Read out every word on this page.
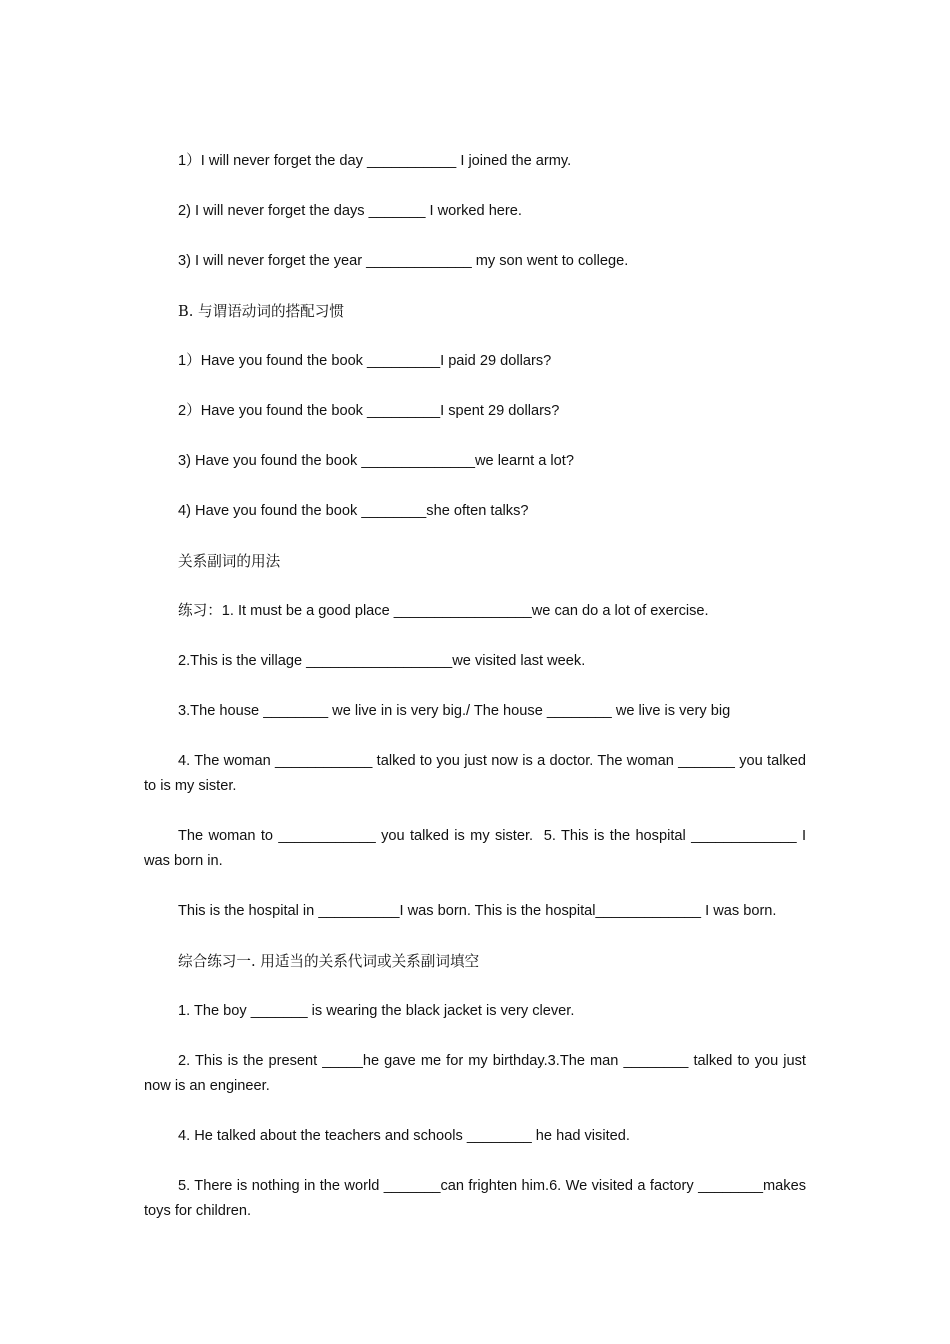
1）I will never forget the day ___________ I joined the army.

2) I will never forget the days _______ I worked here.

3) I will never forget the year _____________ my son went to college.

B. 与谓语动词的搭配习惯

1）Have you found the book _________I paid 29 dollars?

2）Have you found the book _________I spent 29 dollars?

3) Have you found the book ______________we learnt a lot?

4) Have you found the book ________she often talks?

关系副词的用法

练习：1. It must be a good place _________________we can do a lot of exercise.

2.This is the village __________________we visited last week.

3.The house ________ we live in is very big./ The house ________ we live is very big

4. The woman ____________ talked to you just now is a doctor. The woman _______ you talked to is my sister.

The woman to ____________ you talked is my sister.  5. This is the hospital _____________ I was born in.

This is the hospital in __________I was born. This is the hospital_____________ I was born.

综合练习一. 用适当的关系代词或关系副词填空

1. The boy _______ is wearing the black jacket is very clever.

2. This is the present _____he gave me for my birthday.3.The man ________ talked to you just now is an engineer.

4. He talked about the teachers and schools ________ he had visited.

5. There is nothing in the world _______can frighten him.6. We visited a factory ________makes toys for children.
